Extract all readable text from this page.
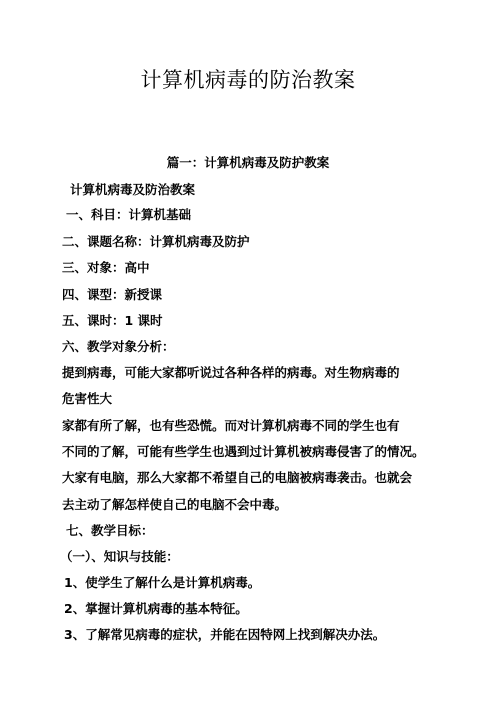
计算机病毒的防治教案
篇一：计算机病毒及防护教案
计算机病毒及防治教案
一、科目：计算机基础
二、课题名称：计算机病毒及防护
三、对象：高中
四、课型：新授课
五、课时：1 课时
六、教学对象分析：
提到病毒，可能大家都听说过各种各样的病毒。对生物病毒的
危害性大
家都有所了解，也有些恐慌。而对计算机病毒不同的学生也有
不同的了解，可能有些学生也遇到过计算机被病毒侵害了的情况。
大家有电脑，那么大家都不希望自己的电脑被病毒袭击。也就会
去主动了解怎样使自己的电脑不会中毒。
七、教学目标：
（一）、知识与技能：
1、使学生了解什么是计算机病毒。
2、掌握计算机病毒的基本特征。
3、了解常见病毒的症状，并能在因特网上找到解决办法。
